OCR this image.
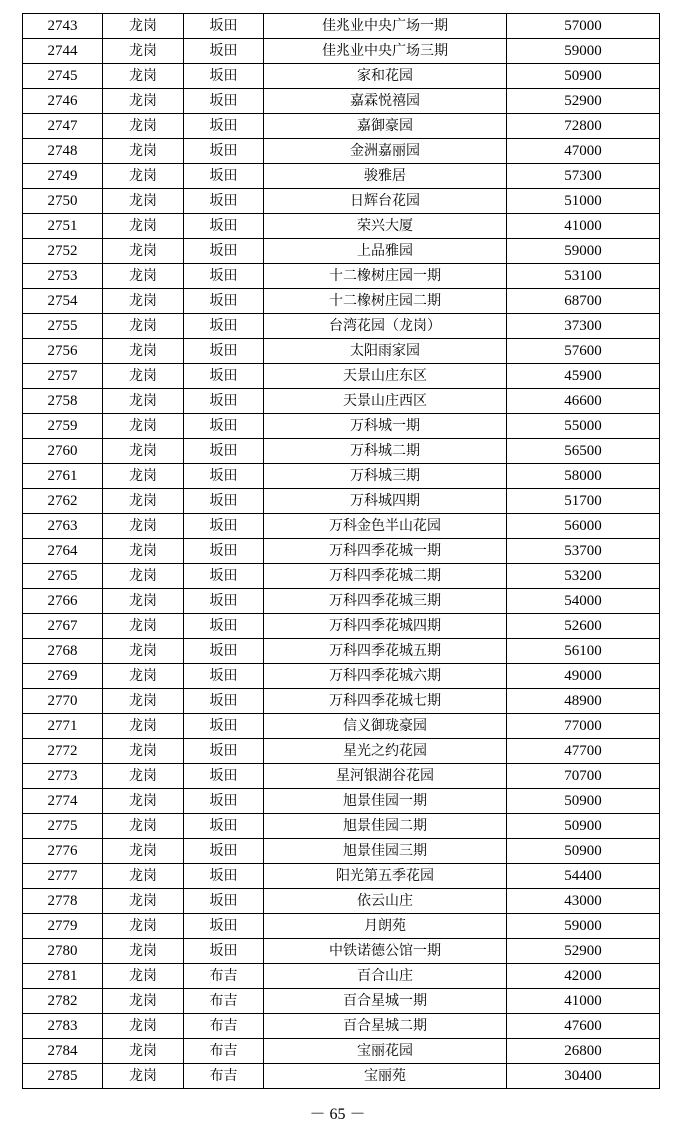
2743	龙岗	坂田	佳兆业中央广场一期	57000
2744	龙岗	坂田	佳兆业中央广场三期	59000
2745	龙岗	坂田	家和花园	50900
2746	龙岗	坂田	嘉霖悦禧园	52900
2747	龙岗	坂田	嘉御豪园	72800
2748	龙岗	坂田	金洲嘉丽园	47000
2749	龙岗	坂田	骏雅居	57300
2750	龙岗	坂田	日辉台花园	51000
2751	龙岗	坂田	荣兴大厦	41000
2752	龙岗	坂田	上品雅园	59000
2753	龙岗	坂田	十二橡树庄园一期	53100
2754	龙岗	坂田	十二橡树庄园二期	68700
2755	龙岗	坂田	台湾花园（龙岗）	37300
2756	龙岗	坂田	太阳雨家园	57600
2757	龙岗	坂田	天景山庄东区	45900
2758	龙岗	坂田	天景山庄西区	46600
2759	龙岗	坂田	万科城一期	55000
2760	龙岗	坂田	万科城二期	56500
2761	龙岗	坂田	万科城三期	58000
2762	龙岗	坂田	万科城四期	51700
2763	龙岗	坂田	万科金色半山花园	56000
2764	龙岗	坂田	万科四季花城一期	53700
2765	龙岗	坂田	万科四季花城二期	53200
2766	龙岗	坂田	万科四季花城三期	54000
2767	龙岗	坂田	万科四季花城四期	52600
2768	龙岗	坂田	万科四季花城五期	56100
2769	龙岗	坂田	万科四季花城六期	49000
2770	龙岗	坂田	万科四季花城七期	48900
2771	龙岗	坂田	信义御珑豪园	77000
2772	龙岗	坂田	星光之约花园	47700
2773	龙岗	坂田	星河银湖谷花园	70700
2774	龙岗	坂田	旭景佳园一期	50900
2775	龙岗	坂田	旭景佳园二期	50900
2776	龙岗	坂田	旭景佳园三期	50900
2777	龙岗	坂田	阳光第五季花园	54400
2778	龙岗	坂田	依云山庄	43000
2779	龙岗	坂田	月朗苑	59000
2780	龙岗	坂田	中铁诺德公馆一期	52900
2781	龙岗	布吉	百合山庄	42000
2782	龙岗	布吉	百合星城一期	41000
2783	龙岗	布吉	百合星城二期	47600
2784	龙岗	布吉	宝丽花园	26800
2785	龙岗	布吉	宝丽苑	30400
－ 65 －
